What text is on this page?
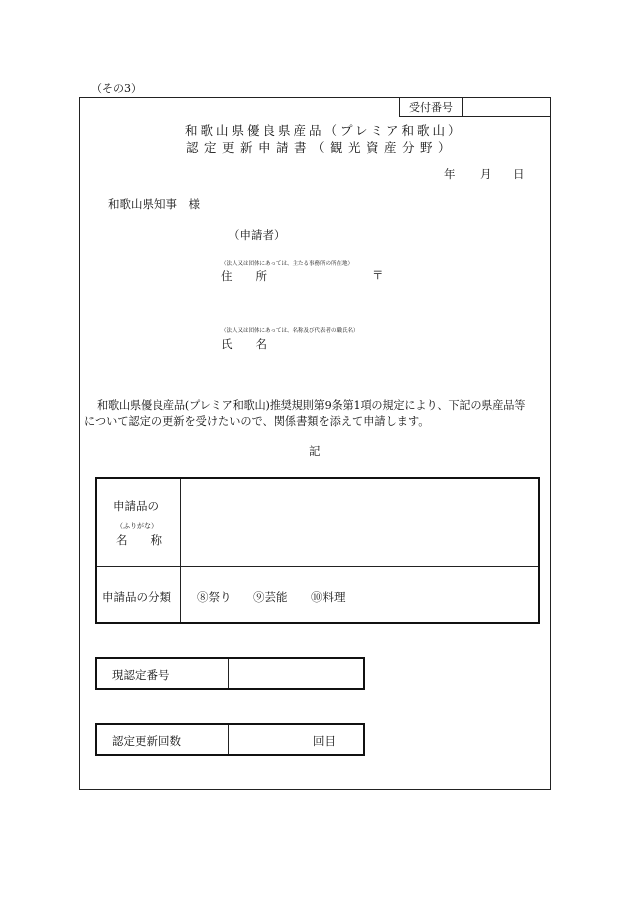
（その3）
受付番号
和歌山県優良県産品（プレミア和歌山）
認定更新申請書（観光資産分野）
年 月 日
和歌山県知事　様
（申請者）
（法人又は団体にあっては、主たる事務所の所在地）
住　　所	〒
（法人又は団体にあっては、名称及び代表者の職氏名）
氏　　名
和歌山県優良産品(プレミア和歌山)推奨規則第9条第1項の規定により、下記の県産品等
について認定の更新を受けたいので、関係書類を添えて申請します。
記
申請品の
（ふりがな）
名　　称
申請品の分類 ⑧祭り ⑨芸能 ⑩料理
現認定番号
認定更新回数	回目
